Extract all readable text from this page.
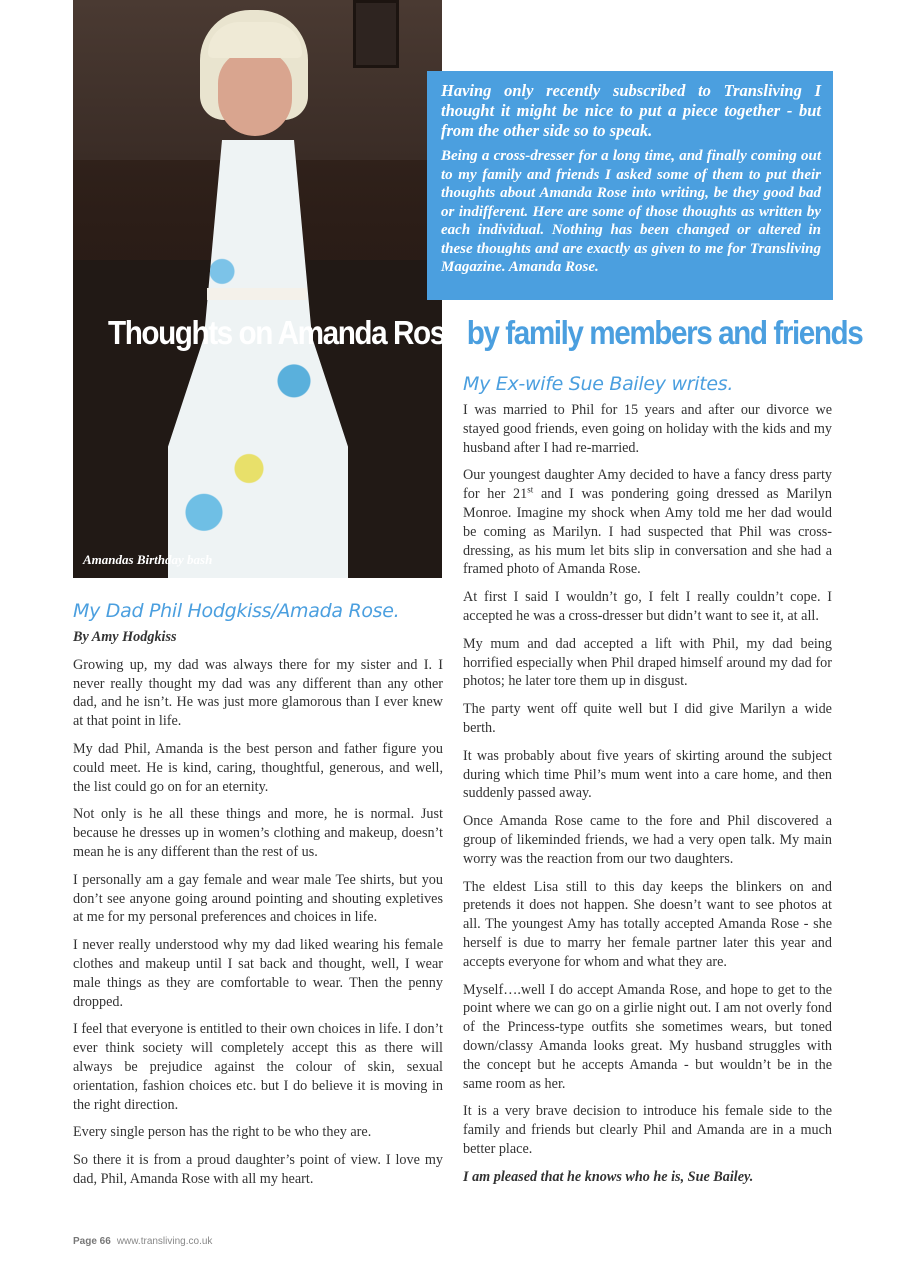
Amandas Birthday bash

Having only recently subscribed to Transliving I thought it might be nice to put a piece together - but from the other side so to speak.

Being a cross-dresser for a long time, and finally coming out to my family and friends I asked some of them to put their thoughts about Amanda Rose into writing, be they good bad or indifferent. Here are some of those thoughts as written by each individual. Nothing has been changed or altered in these thoughts and are exactly as given to me for Transliving Magazine. Amanda Rose.

Thoughts on Amanda Rose by family members and friends
My Dad Phil Hodgkiss/Amada Rose.

By Amy Hodgkiss

Growing up, my dad was always there for my sister and I. I never really thought my dad was any different than any other dad, and he isn’t. He was just more glamorous than I ever knew at that point in life.

My dad Phil, Amanda is the best person and father figure you could meet. He is kind, caring, thoughtful, generous, and well, the list could go on for an eternity.

Not only is he all these things and more, he is normal. Just because he dresses up in women’s clothing and makeup, doesn’t mean he is any different than the rest of us.

I personally am a gay female and wear male Tee shirts, but you don’t see anyone going around pointing and shouting expletives at me for my personal preferences and choices in life.

I never really understood why my dad liked wearing his female clothes and makeup until I sat back and thought, well, I wear male things as they are comfortable to wear. Then the penny dropped.

I feel that everyone is entitled to their own choices in life. I don’t ever think society will completely accept this as there will always be prejudice against the colour of skin, sexual orientation, fashion choices etc. but I do believe it is moving in the right direction.

Every single person has the right to be who they are.

So there it is from a proud daughter’s point of view. I love my dad, Phil, Amanda Rose with all my heart.

My Ex-wife Sue Bailey writes.

I was married to Phil for 15 years and after our divorce we stayed good friends, even going on holiday with the kids and my husband after I had re-married.

Our youngest daughter Amy decided to have a fancy dress party for her 21st and I was pondering going dressed as Marilyn Monroe. Imagine my shock when Amy told me her dad would be coming as Marilyn. I had suspected that Phil was cross-dressing, as his mum let bits slip in conversation and she had a framed photo of Amanda Rose.

At first I said I wouldn’t go, I felt I really couldn’t cope. I accepted he was a cross-dresser but didn’t want to see it, at all.

My mum and dad accepted a lift with Phil, my dad being horrified especially when Phil draped himself around my dad for photos; he later tore them up in disgust.

The party went off quite well but I did give Marilyn a wide berth.

It was probably about five years of skirting around the subject during which time Phil’s mum went into a care home, and then suddenly passed away.

Once Amanda Rose came to the fore and Phil discovered a group of likeminded friends, we had a very open talk. My main worry was the reaction from our two daughters.

The eldest Lisa still to this day keeps the blinkers on and pretends it does not happen. She doesn’t want to see photos at all. The youngest Amy has totally accepted Amanda Rose - she herself is due to marry her female partner later this year and accepts everyone for whom and what they are.

Myself….well I do accept Amanda Rose, and hope to get to the point where we can go on a girlie night out. I am not overly fond of the Princess-type outfits she sometimes wears, but toned down/classy Amanda looks great. My husband struggles with the concept but he accepts Amanda - but wouldn’t be in the same room as her.

It is a very brave decision to introduce his female side to the family and friends but clearly Phil and Amanda are in a much better place.

I am pleased that he knows who he is, Sue Bailey.

Page 66 www.transliving.co.uk
